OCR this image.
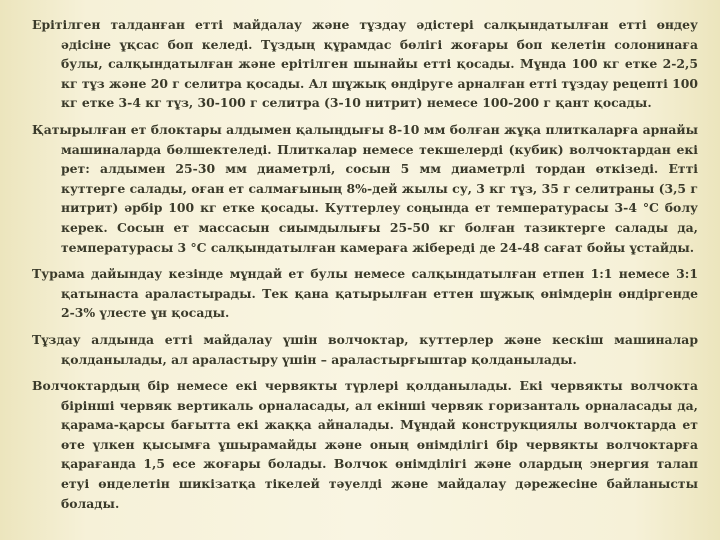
Ерітілген талданған етті майдалау және тұздау әдістері салқындатылған етті өндеу әдісіне ұқсас боп келеді. Тұздың құрамдас бөлігі жоғары боп келетін солонинаға булы, салқындатылған және ерітілген шынайы етті қосады. Мұнда 100 кг етке 2-2,5 кг тұз және 20 г селитра қосады. Ал шұжық өндіруге арналған етті тұздау рецепті 100 кг етке 3-4 кг тұз, 30-100 г селитра (3-10 нитрит) немесе 100-200 г қант қосады.

Қатырылған ет блоктары алдымен қалыңдығы 8-10 мм болған жұқа плиткаларға арнайы машиналарда бөлшектеледі. Плиткалар немесе текшелерді (кубик) волчоктардан екі рет: алдымен 25-30 мм диаметрлі, сосын 5 мм диаметрлі тордан өткізеді. Етті куттерге салады, оған ет салмағының 8%-дей жылы су, 3 кг тұз, 35 г селитраны (3,5 г нитрит) әрбір 100 кг етке қосады. Куттерлеу соңында ет температурасы 3-4 °С болу керек. Сосын ет массасын сиымдылығы 25-50 кг болған тазиктерге салады да, температурасы 3 °С салқындатылған камераға жібереді де 24-48 сағат бойы ұстайды.

Турама дайындау кезінде мұндай ет булы немесе салқындатылған етпен 1:1 немесе 3:1 қатынаста араластырады. Тек қана қатырылған еттен шұжық өнімдерін өндіргенде 2-3% үлесте ұн қосады.

Тұздау алдында етті майдалау үшін волчоктар, куттерлер және кескіш машиналар қолданылады, ал араластыру үшін – араластырғыштар қолданылады.

Волчоктардың бір немесе екі червякты түрлері қолданылады. Екі червякты волчокта бірінші червяк вертикаль орналасады, ал екінші червяк горизанталь орналасады да, қарама-қарсы бағытта екі жаққа айналады. Мұндай конструкциялы волчоктарда ет өте үлкен қысымға ұшырамайды және оның өнімділігі бір червякты волчоктарға қарағанда 1,5 есе жоғары болады. Волчок өнімділігі және олардың энергия талап етуі өнделетін шикізатқа тікелей тәуелді және майдалау дәрежесіне байланысты болады.
